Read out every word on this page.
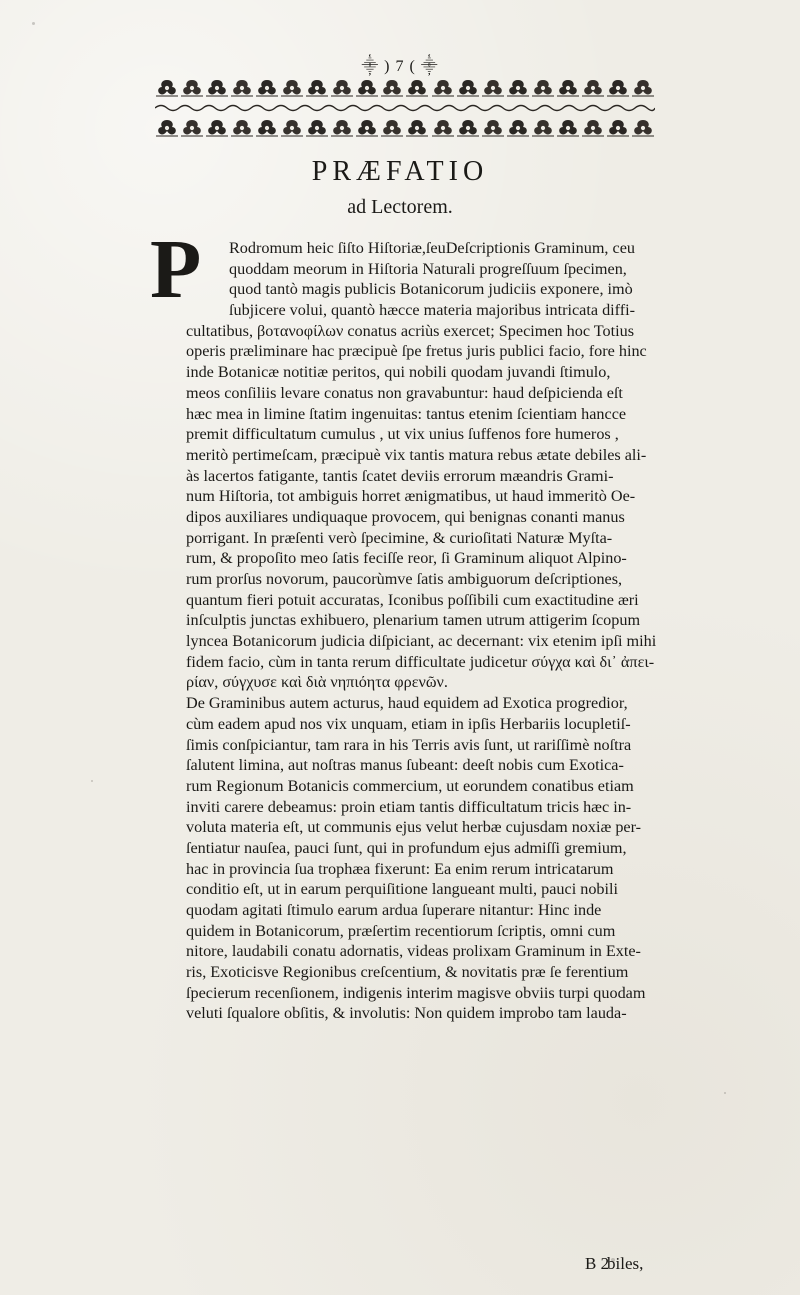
⸎ ) 7 ( ⸎
PRÆFATIO
ad Lectorem.
P Rodromum heic ſiſto Hiſtoriæ,ſeuDeſcriptionis Graminum, ceu

quoddam meorum in Hiſtoria Naturali progreſſuum ſpecimen,

quod tantò magis publicis Botanicorum judiciis exponere, imò

ſubjicere volui, quantò hæcce materia majoribus intricata diffi-

cultatibus, βοτανοφίλων conatus acriùs exercet; Specimen hoc Totius

operis præliminare hac præcipuè ſpe fretus juris publici facio, fore hinc

inde Botanicæ notitiæ peritos, qui nobili quodam juvandi ſtimulo,

meos conſiliis levare conatus non gravabuntur: haud deſpicienda eſt

hæc mea in limine ſtatim ingenuitas: tantus etenim ſcientiam hancce

premit difficultatum cumulus , ut vix unius ſuffenos fore humeros ,

meritò pertimeſcam, præcipuè vix tantis matura rebus ætate debiles ali-

às lacertos fatigante, tantis ſcatet deviis errorum mæandris Grami-

num Hiſtoria, tot ambiguis horret ænigmatibus, ut haud immeritò Oe-

dipos auxiliares undiquaque provocem, qui benignas conanti manus

porrigant. In præſenti verò ſpecimine, & curioſitati Naturæ Myſta-

rum, & propoſito meo ſatis feciſſe reor, ſi Graminum aliquot Alpino-

rum prorſus novorum, paucorùmve ſatis ambiguorum deſcriptiones,

quantum fieri potuit accuratas, Iconibus poſſibili cum exactitudine æri

inſculptis junctas exhibuero, plenarium tamen utrum attigerim ſcopum

lyncea Botanicorum judicia diſpiciant, ac decernant: vix etenim ipſi mihi

fidem facio, cùm in tanta rerum difficultate judicetur σύγχα καὶ δι᾽ ἀπει-

ρίαν, σύγχυσε καὶ διὰ νηπιόητα φρενῶν.

De Graminibus autem acturus, haud equidem ad Exotica progredior,

cùm eadem apud nos vix unquam, etiam in ipſis Herbariis locupletiſ-

ſimis conſpiciantur, tam rara in his Terris avis ſunt, ut rariſſimè noſtra

ſalutent limina, aut noſtras manus ſubeant: deeſt nobis cum Exotica-

rum Regionum Botanicis commercium, ut eorundem conatibus etiam

inviti carere debeamus: proin etiam tantis difficultatum tricis hæc in-

voluta materia eſt, ut communis ejus velut herbæ cujusdam noxiæ per-

ſentiatur nauſea, pauci ſunt, qui in profundum ejus admiſſi gremium,

hac in provincia ſua trophæa fixerunt: Ea enim rerum intricatarum

conditio eſt, ut in earum perquiſitione langueant multi, pauci nobili

quodam agitati ſtimulo earum ardua ſuperare nitantur: Hinc inde

quidem in Botanicorum, præſertim recentiorum ſcriptis, omni cum

nitore, laudabili conatu adornatis, videas prolixam Graminum in Exte-

ris, Exoticisve Regionibus creſcentium, & novitatis præ ſe ferentium

ſpecierum recenſionem, indigenis interim magisve obviis turpi quodam

veluti ſqualore obſitis, & involutis: Non quidem improbo tam lauda-

B 2
biles,
